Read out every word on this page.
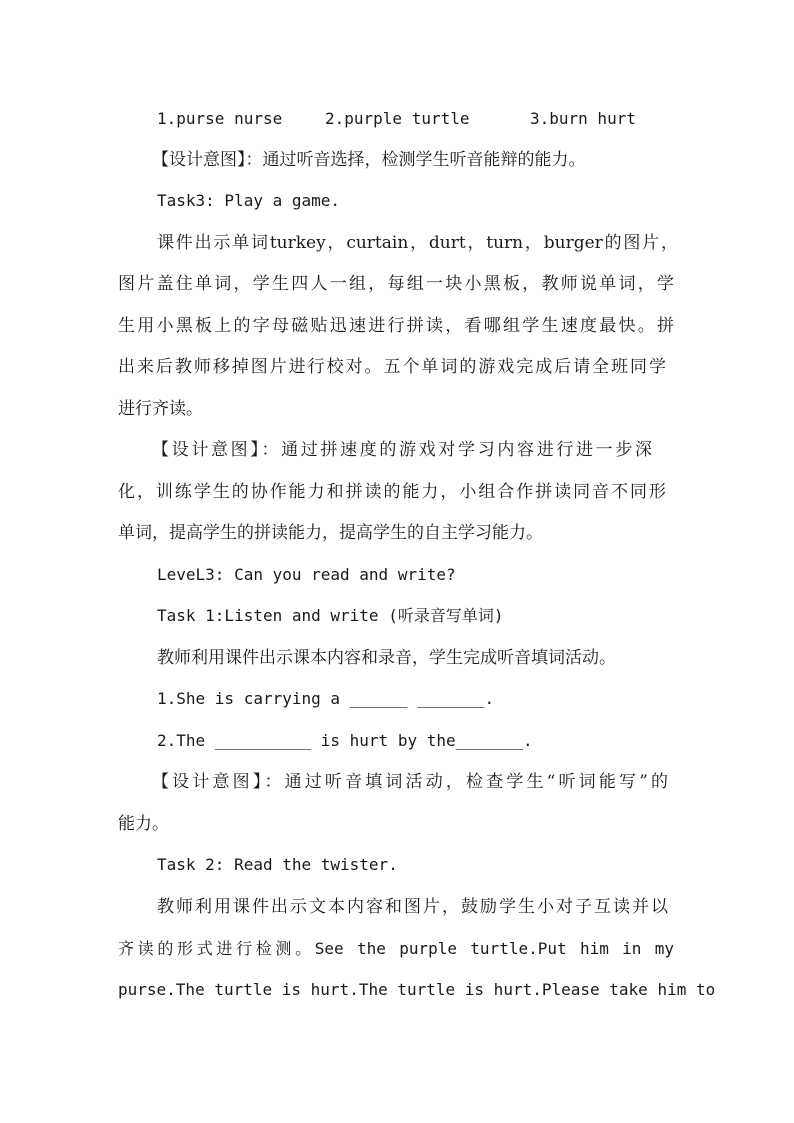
1.purse nurse	2.purple turtle	3.burn hurt
【设计意图】：通过听音选择，检测学生听音能辩的能力。
Task3: Play a game.
课件出示单词turkey，curtain，durt，turn，burger的图片，
图片盖住单词，学生四人一组，每组一块小黑板，教师说单词，学
生用小黑板上的字母磁贴迅速进行拼读，看哪组学生速度最快。拼
出来后教师移掉图片进行校对。五个单词的游戏完成后请全班同学
进行齐读。
【设计意图】：通过拼速度的游戏对学习内容进行进一步深
化，训练学生的协作能力和拼读的能力，小组合作拼读同音不同形
单词，提高学生的拼读能力，提高学生的自主学习能力。
LeveL3: Can you read and write?
Task 1:Listen and write (听录音写单词)
教师利用课件出示课本内容和录音，学生完成听音填词活动。
1.She is carrying a ______ _______.
2.The __________ is hurt by the_______.
【设计意图】：通过听音填词活动，检查学生“听词能写”的
能力。
Task 2: Read the twister.
教师利用课件出示文本内容和图片，鼓励学生小对子互读并以
齐读的形式进行检测。See the purple turtle.Put him in my
purse.The turtle is hurt.The turtle is hurt.Please take him to
